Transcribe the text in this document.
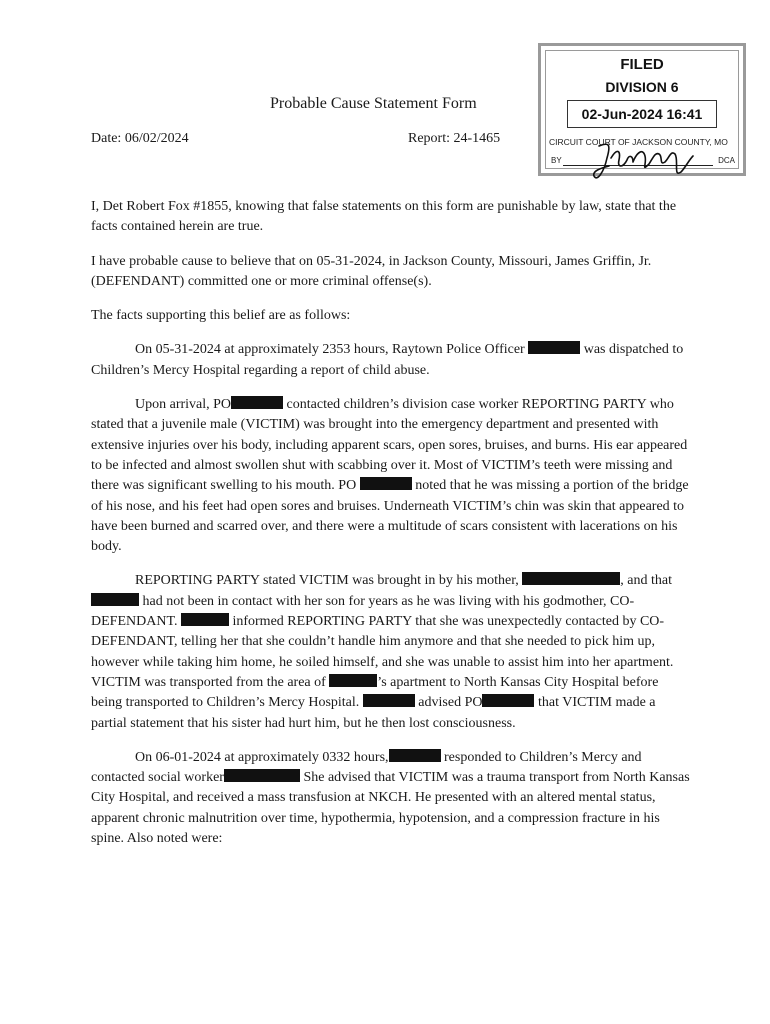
FILED
DIVISION 6
02-Jun-2024 16:41
CIRCUIT COURT OF JACKSON COUNTY, MO
BY	DCA
Probable Cause Statement Form
Date: 06/02/2024	Report: 24-1465

I, Det Robert Fox #1855, knowing that false statements on this form are punishable by law, state that the facts contained herein are true.

I have probable cause to believe that on 05-31-2024, in Jackson County, Missouri, James Griffin, Jr. (DEFENDANT) committed one or more criminal offense(s).

The facts supporting this belief are as follows:

On 05-31-2024 at approximately 2353 hours, Raytown Police Officer	was dispatched to Children’s Mercy Hospital regarding a report of child abuse.

Upon arrival, PO	contacted children’s division case worker REPORTING PARTY who stated that a juvenile male (VICTIM) was brought into the emergency department and presented with extensive injuries over his body, including apparent scars, open sores, bruises, and burns. His ear appeared to be infected and almost swollen shut with scabbing over it. Most of VICTIM’s teeth were missing and there was significant swelling to his mouth. PO	noted that he was missing a portion of the bridge of his nose, and his feet had open sores and bruises. Underneath VICTIM’s chin was skin that appeared to have been burned and scarred over, and there were a multitude of scars consistent with lacerations on his body.

REPORTING PARTY stated VICTIM was brought in by his mother,	, and that  had not been in contact with her son for years as he was living with his godmother, CO-DEFENDANT.	informed REPORTING PARTY that she was unexpectedly contacted by CO-DEFENDANT, telling her that she couldn’t handle him anymore and that she needed to pick him up, however while taking him home, he soiled himself, and she was unable to assist him into her apartment. VICTIM was transported from the area of	’s apartment to North Kansas City Hospital before being transported to Children’s Mercy Hospital.	advised PO	that VICTIM made a partial statement that his sister had hurt him, but he then lost consciousness.

On 06-01-2024 at approximately 0332 hours,	responded to Children’s Mercy and contacted social worker	She advised that VICTIM was a trauma transport from North Kansas City Hospital, and received a mass transfusion at NKCH. He presented with an altered mental status, apparent chronic malnutrition over time, hypothermia, hypotension, and a compression fracture in his spine. Also noted were:
